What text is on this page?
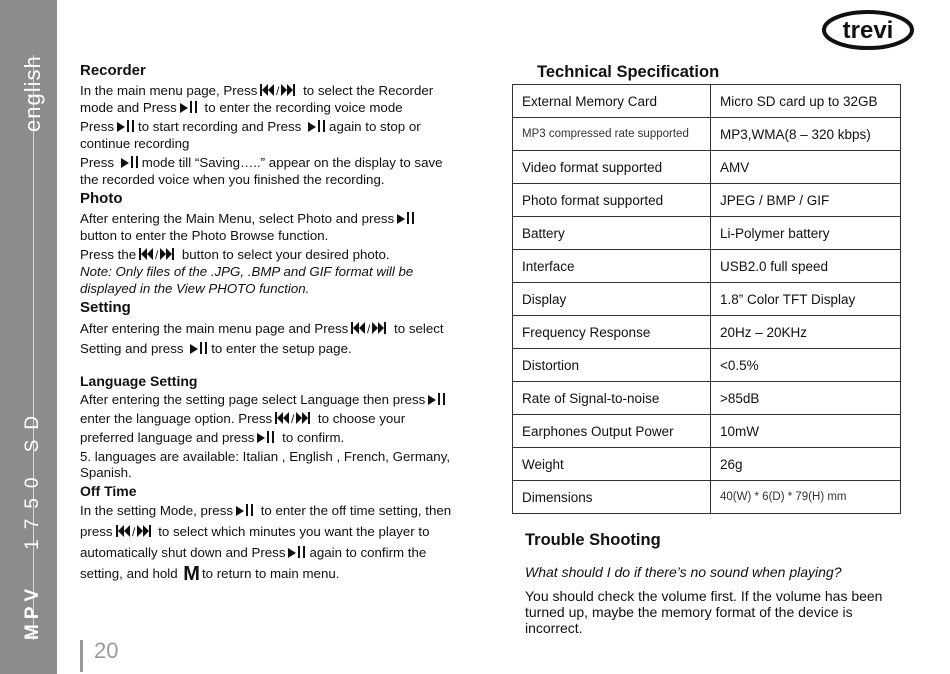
english
MPV1750 SD
20
trevi
Recorder

In the main menu page, Press / to select the Recorder mode and Press to enter the recording voice mode

Press to start recording and Press again to stop or continue recording

Press mode till “Saving…..” appear on the display to save the recorded voice when you finished the recording.

Photo

After entering the Main Menu, select Photo and press button to enter the Photo Browse function.

Press the / button to select your desired photo.
Note: Only files of the .JPG, .BMP and GIF format will be displayed in the View PHOTO function.

Setting

After entering the main menu page and Press / to select Setting and press to enter the setup page.

Language Setting

After entering the setting page select Language then pressenter the language option. Press / to choose your preferred language and press to confirm.

5. languages are available: Italian , English , French, Germany, Spanish.

Off Time

In the setting Mode, press to enter the off time setting, then press / to select which minutes you want the player to automatically shut down and Press again to confirm the setting, and hold M to return to main menu.

Technical Specification
External Memory Card	Micro SD card up to 32GB
MP3 compressed rate supported	MP3,WMA(8 – 320 kbps)
Video format supported	AMV
Photo format supported	JPEG / BMP / GIF
Battery	Li-Polymer battery
Interface	USB2.0 full speed
Display	1.8” Color TFT Display
Frequency Response	20Hz – 20KHz
Distortion	<0.5%
Rate of Signal-to-noise	>85dB
Earphones Output Power	10mW
Weight	26g
Dimensions	40(W) * 6(D) * 79(H) mm
Trouble Shooting
What should I do if there’s no sound when playing?
You should check the volume first. If the volume has been turned up, maybe the memory format of the device is incorrect.
